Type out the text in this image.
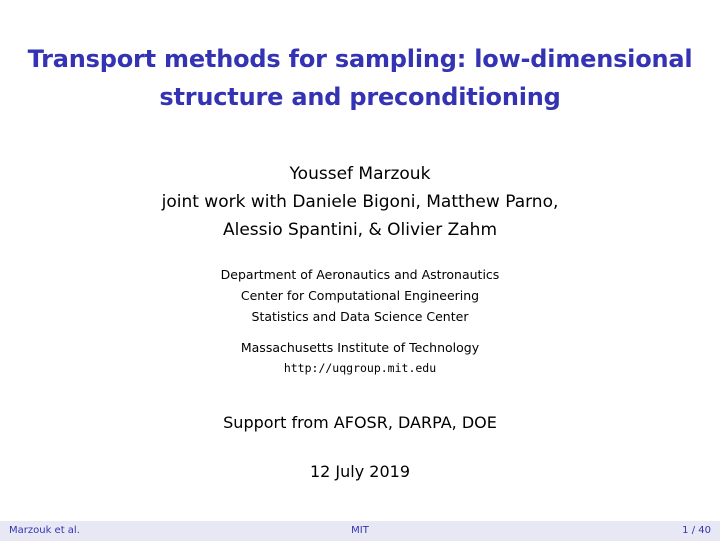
Transport methods for sampling: low-dimensional
structure and preconditioning
Youssef Marzouk
joint work with Daniele Bigoni, Matthew Parno,
Alessio Spantini, & Olivier Zahm
Department of Aeronautics and Astronautics
Center for Computational Engineering
Statistics and Data Science Center
Massachusetts Institute of Technology
http://uqgroup.mit.edu
Support from AFOSR, DARPA, DOE
12 July 2019
MIT
Marzouk et al.	1 / 40
